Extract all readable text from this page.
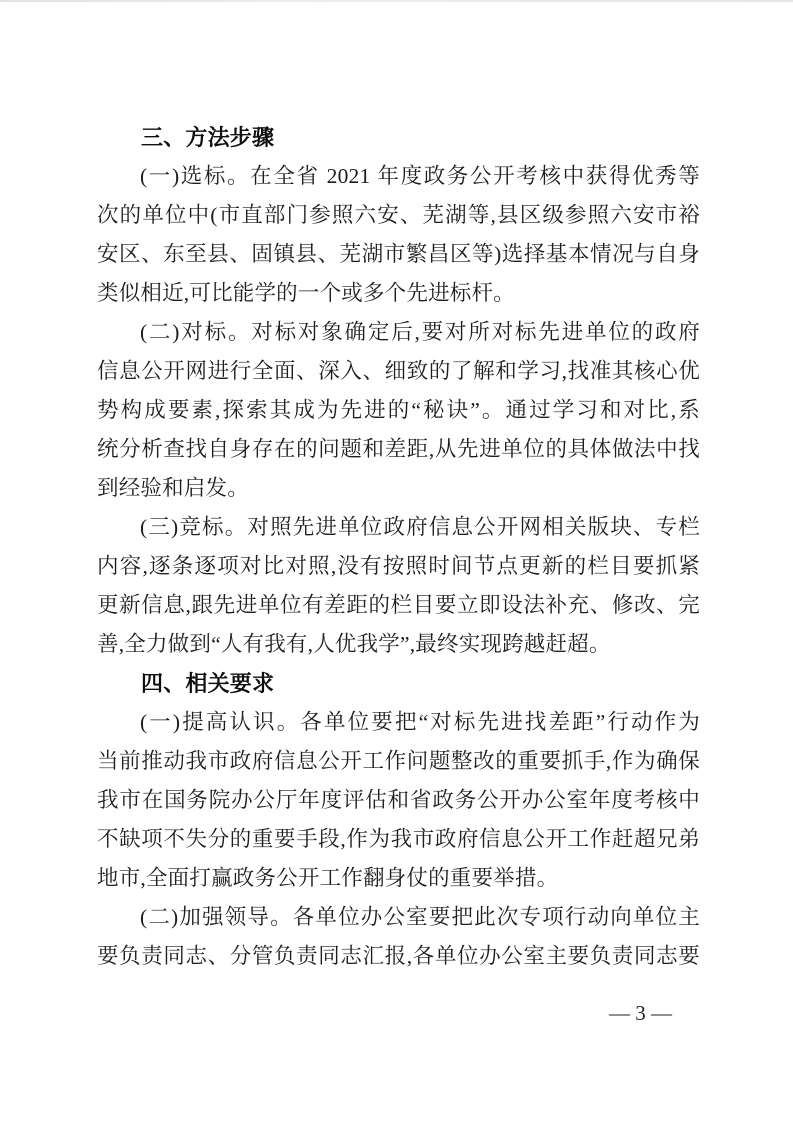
三、方法步骤
(一)选标。在全省 2021 年度政务公开考核中获得优秀等
次的单位中(市直部门参照六安、芜湖等,县区级参照六安市裕
安区、东至县、固镇县、芜湖市繁昌区等)选择基本情况与自身
类似相近,可比能学的一个或多个先进标杆。
(二)对标。对标对象确定后,要对所对标先进单位的政府
信息公开网进行全面、深入、细致的了解和学习,找准其核心优
势构成要素,探索其成为先进的“秘诀”。通过学习和对比,系
统分析查找自身存在的问题和差距,从先进单位的具体做法中找
到经验和启发。
(三)竞标。对照先进单位政府信息公开网相关版块、专栏
内容,逐条逐项对比对照,没有按照时间节点更新的栏目要抓紧
更新信息,跟先进单位有差距的栏目要立即设法补充、修改、完
善,全力做到“人有我有,人优我学”,最终实现跨越赶超。
四、相关要求
(一)提高认识。各单位要把“对标先进找差距”行动作为
当前推动我市政府信息公开工作问题整改的重要抓手,作为确保
我市在国务院办公厅年度评估和省政务公开办公室年度考核中
不缺项不失分的重要手段,作为我市政府信息公开工作赶超兄弟
地市,全面打赢政务公开工作翻身仗的重要举措。
(二)加强领导。各单位办公室要把此次专项行动向单位主
要负责同志、分管负责同志汇报,各单位办公室主要负责同志要
— 3 —
